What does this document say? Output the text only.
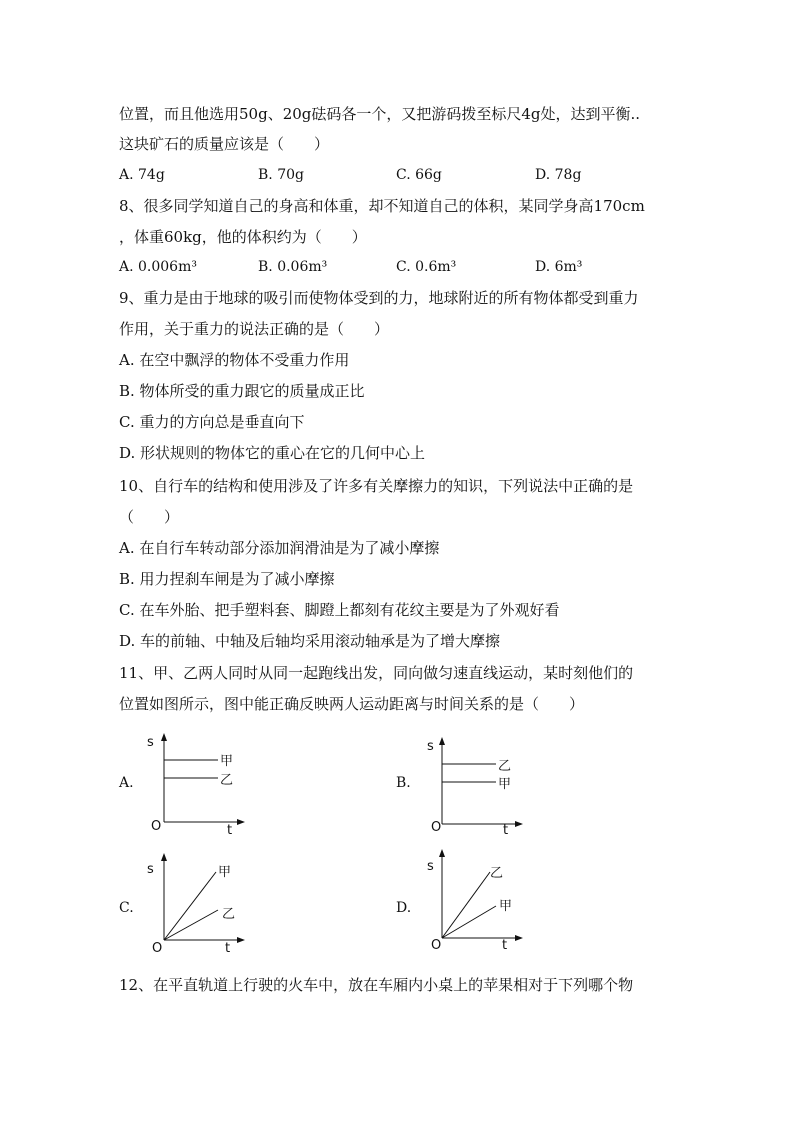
位置，而且他选用50g、20g砝码各一个，又把游码拨至标尺4g处，达到平衡..
这块矿石的质量应该是（　　）
A. 74g	B. 70g	C. 66g	D. 78g
8、很多同学知道自己的身高和体重，却不知道自己的体积，某同学身高170cm
，体重60kg，他的体积约为（　　）
A. 0.006m³	B. 0.06m³	C. 0.6m³	D. 6m³
9、重力是由于地球的吸引而使物体受到的力，地球附近的所有物体都受到重力
作用，关于重力的说法正确的是（　　）
A. 在空中飘浮的物体不受重力作用
B. 物体所受的重力跟它的质量成正比
C. 重力的方向总是垂直向下
D. 形状规则的物体它的重心在它的几何中心上
10、自行车的结构和使用涉及了许多有关摩擦力的知识，下列说法中正确的是
（　　）
A. 在自行车转动部分添加润滑油是为了减小摩擦
B. 用力捏刹车闸是为了减小摩擦
C. 在车外胎、把手塑料套、脚蹬上都刻有花纹主要是为了外观好看
D. 车的前轴、中轴及后轴均采用滚动轴承是为了增大摩擦
11、甲、乙两人同时从同一起跑线出发，同向做匀速直线运动，某时刻他们的
位置如图所示，图中能正确反映两人运动距离与时间关系的是（　　）
A.
s
t
O
甲
乙	B.
s
t
O
乙
甲
C.
s
t
O
甲
乙	D.
s
t
O
乙
甲
12、在平直轨道上行驶的火车中，放在车厢内小桌上的苹果相对于下列哪个物
